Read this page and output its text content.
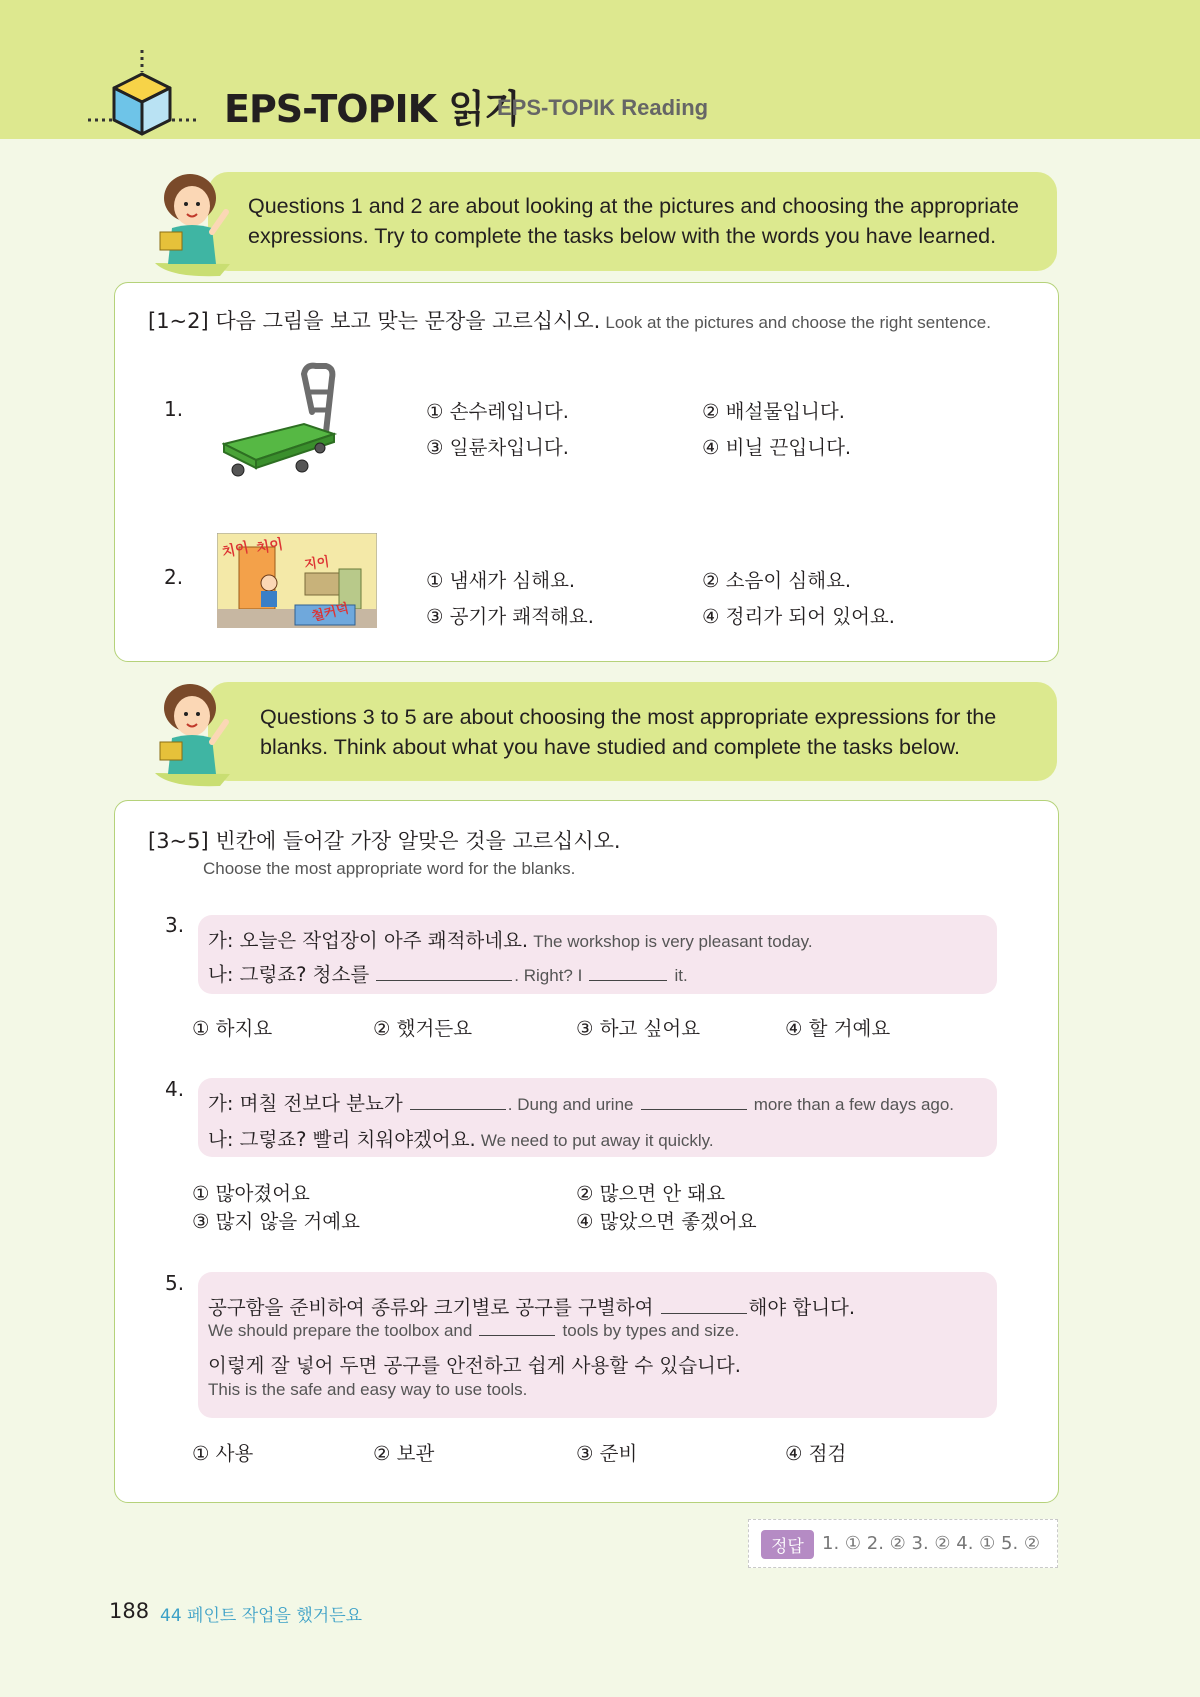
EPS-TOPIK 읽기
EPS-TOPIK Reading
Questions 1 and 2 are about looking at the pictures and choosing the appropriate
expressions. Try to complete the tasks below with the words you have learned.
[1~2] 다음 그림을 보고 맞는 문장을 고르십시오. Look at the pictures and choose the right sentence.
1.	① 손수레입니다.	② 배설물입니다.
③ 일륜차입니다.	④ 비닐 끈입니다.
2.
치이 치이
지이
철커덕
① 냄새가 심해요.	② 소음이 심해요.
③ 공기가 쾌적해요.	④ 정리가 되어 있어요.
Questions 3 to 5 are about choosing the most appropriate expressions for the
blanks. Think about what you have studied and complete the tasks below.
[3~5] 빈칸에 들어갈 가장 알맞은 것을 고르십시오.
Choose the most appropriate word for the blanks.
3.
가: 오늘은 작업장이 아주 쾌적하네요. The workshop is very pleasant today.
나: 그렇죠? 청소를	. Right? I	it.
① 하지요	② 했거든요	③ 하고 싶어요	④ 할 거예요
4.
가: 며칠 전보다 분뇨가	. Dung and urine	more than a few days ago.
나: 그렇죠? 빨리 치워야겠어요. We need to put away it quickly.
① 많아졌어요	② 많으면 안 돼요
③ 많지 않을 거예요	④ 많았으면 좋겠어요
5.
공구함을 준비하여 종류와 크기별로 공구를 구별하여	해야 합니다.
We should prepare the toolbox and	tools by types and size.
이렇게 잘 넣어 두면 공구를 안전하고 쉽게 사용할 수 있습니다.
This is the safe and easy way to use tools.
① 사용	② 보관	③ 준비	④ 점검
정답	1. ① 2. ② 3. ② 4. ① 5. ②
188 44 페인트 작업을 했거든요
